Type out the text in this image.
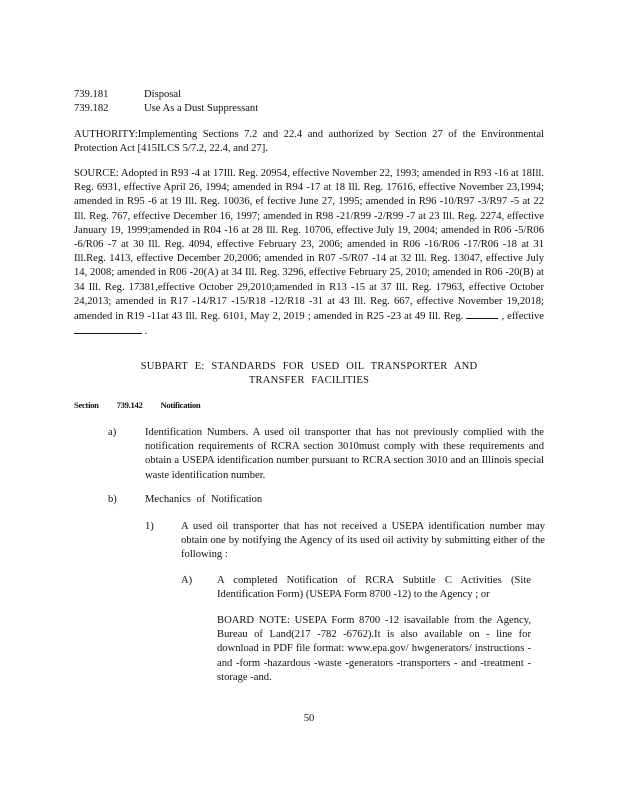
739.181	Disposal
739.182	Use As a Dust Suppressant
AUTHORITY:Implementing Sections 7.2 and 22.4 and authorized by Section 27 of the Environmental Protection Act [415ILCS 5/7.2, 22.4, and 27].
SOURCE: Adopted in R93 -4 at 17Ill. Reg. 20954, effective November 22, 1993; amended in R93 -16 at 18Ill. Reg. 6931, effective April 26, 1994; amended in R94 -17 at 18 Ill. Reg. 17616, effective November 23,1994; amended in R95 -6 at 19 Ill. Reg. 10036, ef fective June 27, 1995; amended in R96 -10/R97 -3/R97 -5 at 22 Ill. Reg. 767, effective December 16, 1997; amended in R98 -21/R99 -2/R99 -7 at 23 Ill. Reg. 2274, effective January 19, 1999;amended in R04 -16 at 28 Ill. Reg. 10706, effective July 19, 2004; amended in R06 -5/R06 -6/R06 -7 at 30 Ill. Reg. 4094, effective February 23, 2006; amended in R06 -16/R06 -17/R06 -18 at 31 Ill.Reg. 1413, effective December 20,2006; amended in R07 -5/R07 -14 at 32 Ill. Reg. 13047, effective July 14, 2008; amended in R06 -20(A) at 34 Ill. Reg. 3296, effective February 25, 2010; amended in R06 -20(B) at 34 Ill. Reg. 17381,effective October 29,2010;amended in R13 -15 at 37 Ill. Reg. 17963, effective October 24,2013; amended in R17 -14/R17 -15/R18 -12/R18 -31 at 43 Ill. Reg. 667, effective November 19,2018; amended in R19 -11at 43 Ill. Reg. 6101, May 2, 2019 ; amended in R25 -23 at 49 Ill. Reg.	, effective  .
SUBPART E: STANDARDS FOR USED OIL TRANSPORTER AND
TRANSFER FACILITIES
Section 739.142 Notification
a)	Identification Numbers. A used oil transporter that has not previously complied with the notification requirements of RCRA section 3010must comply with these requirements and obtain a USEPA identification number pursuant to RCRA section 3010 and an Illinois special waste identification number.
b)	Mechanics of Notification
1)	A used oil transporter that has not received a USEPA identification number may obtain one by notifying the Agency of its used oil activity by submitting either of the following :
A) A completed Notification of RCRA Subtitle C Activities (Site Identification Form) (USEPA Form 8700 -12) to the Agency ; or
BOARD NOTE: USEPA Form 8700 -12 isavailable from the Agency, Bureau of Land(217 -782 -6762).It is also available on - line for download in PDF file format: www.epa.gov/ hwgenerators/ instructions -and -form -hazardous -waste -generators -transporters - and -treatment -storage -and.
50
